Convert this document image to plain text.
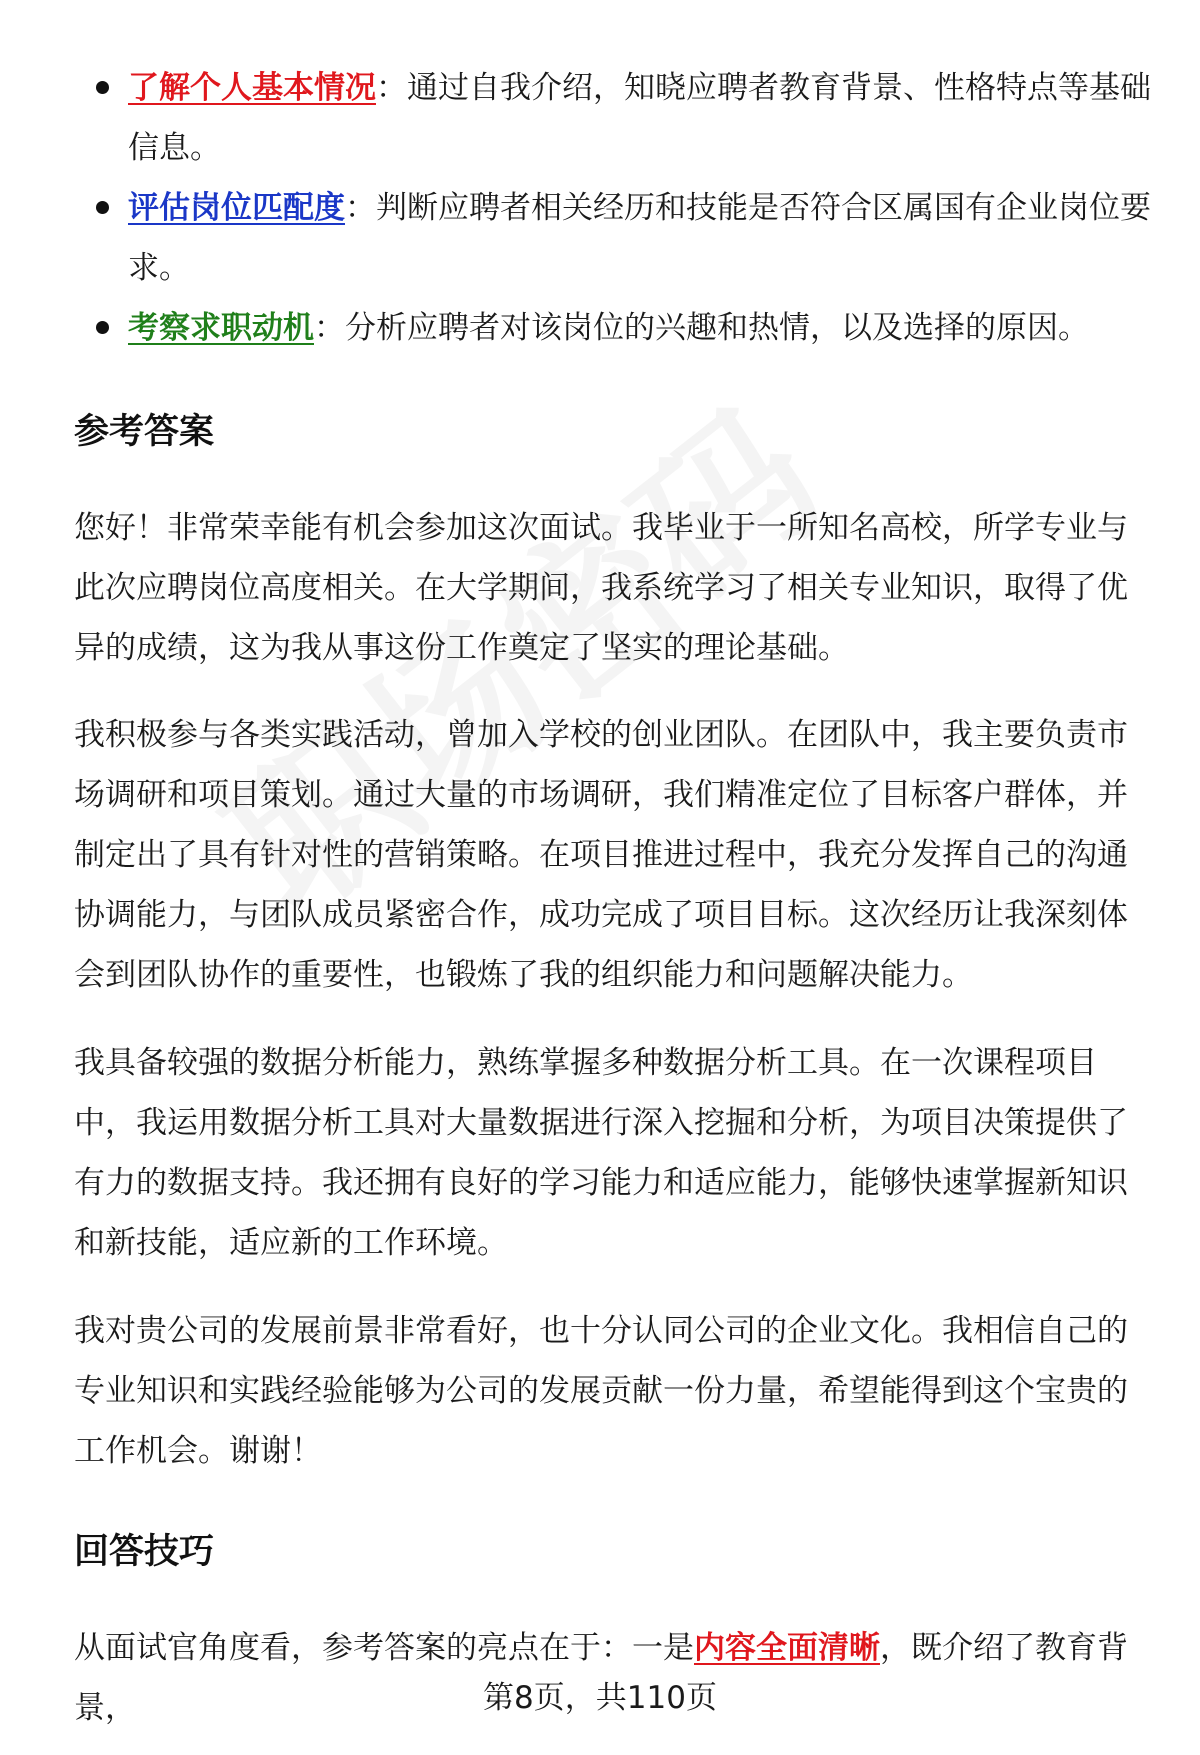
了解个人基本情况：通过自我介绍，知晓应聘者教育背景、性格特点等基础信息。
评估岗位匹配度：判断应聘者相关经历和技能是否符合区属国有企业岗位要求。
考察求职动机：分析应聘者对该岗位的兴趣和热情，以及选择的原因。
参考答案

您好！非常荣幸能有机会参加这次面试。我毕业于一所知名高校，所学专业与此次应聘岗位高度相关。在大学期间，我系统学习了相关专业知识，取得了优异的成绩，这为我从事这份工作奠定了坚实的理论基础。

我积极参与各类实践活动，曾加入学校的创业团队。在团队中，我主要负责市场调研和项目策划。通过大量的市场调研，我们精准定位了目标客户群体，并制定出了具有针对性的营销策略。在项目推进过程中，我充分发挥自己的沟通协调能力，与团队成员紧密合作，成功完成了项目目标。这次经历让我深刻体会到团队协作的重要性，也锻炼了我的组织能力和问题解决能力。

我具备较强的数据分析能力，熟练掌握多种数据分析工具。在一次课程项目中，我运用数据分析工具对大量数据进行深入挖掘和分析，为项目决策提供了有力的数据支持。我还拥有良好的学习能力和适应能力，能够快速掌握新知识和新技能，适应新的工作环境。

我对贵公司的发展前景非常看好，也十分认同公司的企业文化。我相信自己的专业知识和实践经验能够为公司的发展贡献一份力量，希望能得到这个宝贵的工作机会。谢谢！

回答技巧

从面试官角度看，参考答案的亮点在于：一是内容全面清晰，既介绍了教育背景，	第8页，共110页
